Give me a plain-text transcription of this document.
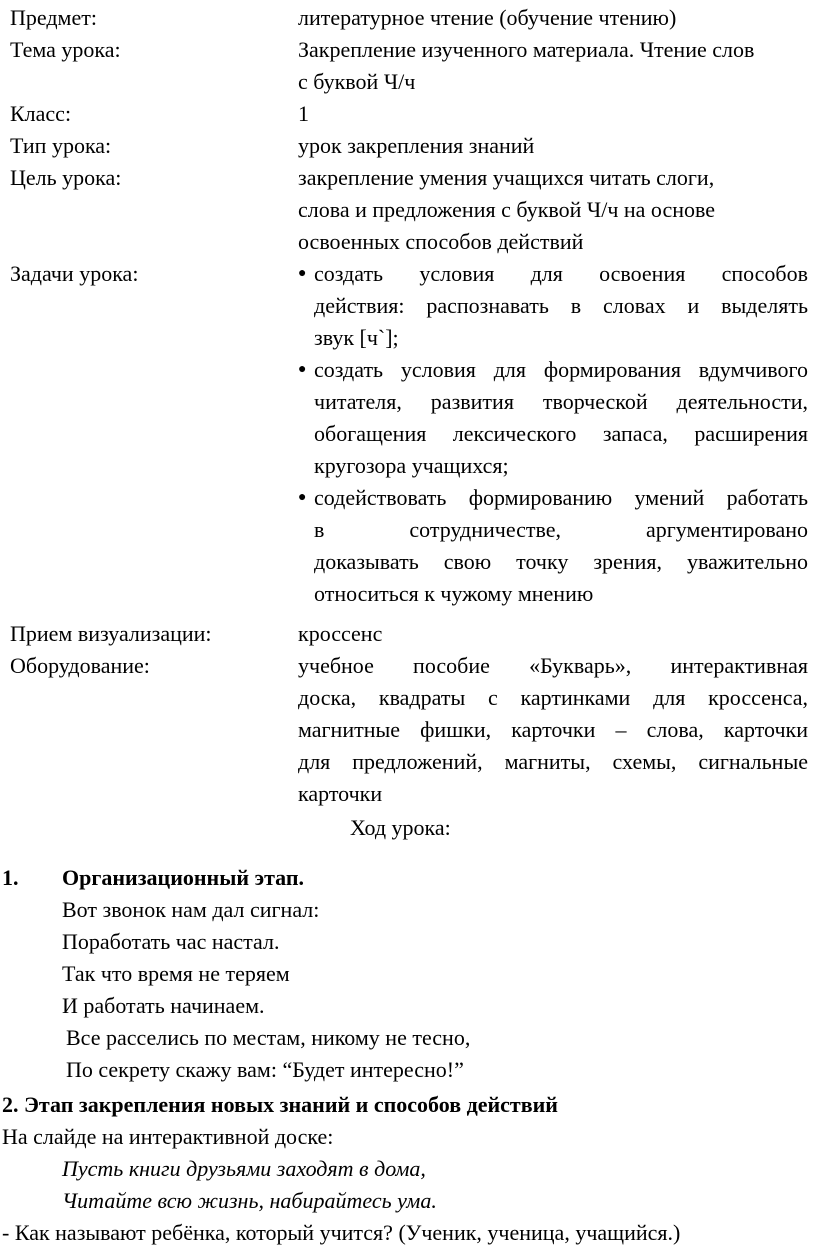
Предмет:	литературное чтение (обучение чтению)
Тема урока:	Закрепление изученного материала. Чтение слов
с буквой Ч/ч
Класс:	1
Тип урока:	урок закрепления знаний
Цель урока:	закрепление умения учащихся читать слоги,
слова и предложения с буквой Ч/ч на основе
освоенных способов действий
Задачи урока:	● создать условия для освоения способов
действия: распознавать в словах и выделять
звук [ч`];
● создать условия для формирования вдумчивого
читателя, развития творческой деятельности,
обогащения лексического запаса, расширения
кругозора учащихся;
● содействовать формированию умений работать
в сотрудничестве, аргументировано
доказывать свою точку зрения, уважительно
относиться к чужому мнению
Прием визуализации:	кроссенс
Оборудование:	учебное пособие «Букварь», интерактивная
доска, квадраты с картинками для кроссенса,
магнитные фишки, карточки – слова, карточки
для предложений, магниты, схемы, сигнальные
карточки
Ход урока:
1. Организационный этап.
Вот звонок нам дал сигнал:
Поработать час настал.
Так что время не теряем
И работать начинаем.
Все расселись по местам, никому не тесно,
По секрету скажу вам: “Будет интересно!”
2. Этап закрепления новых знаний и способов действий
На слайде на интерактивной доске:
Пусть книги друзьями заходят в дома,
Читайте всю жизнь, набирайтесь ума.
- Как называют ребёнка, который учится? (Ученик, ученица, учащийся.)
